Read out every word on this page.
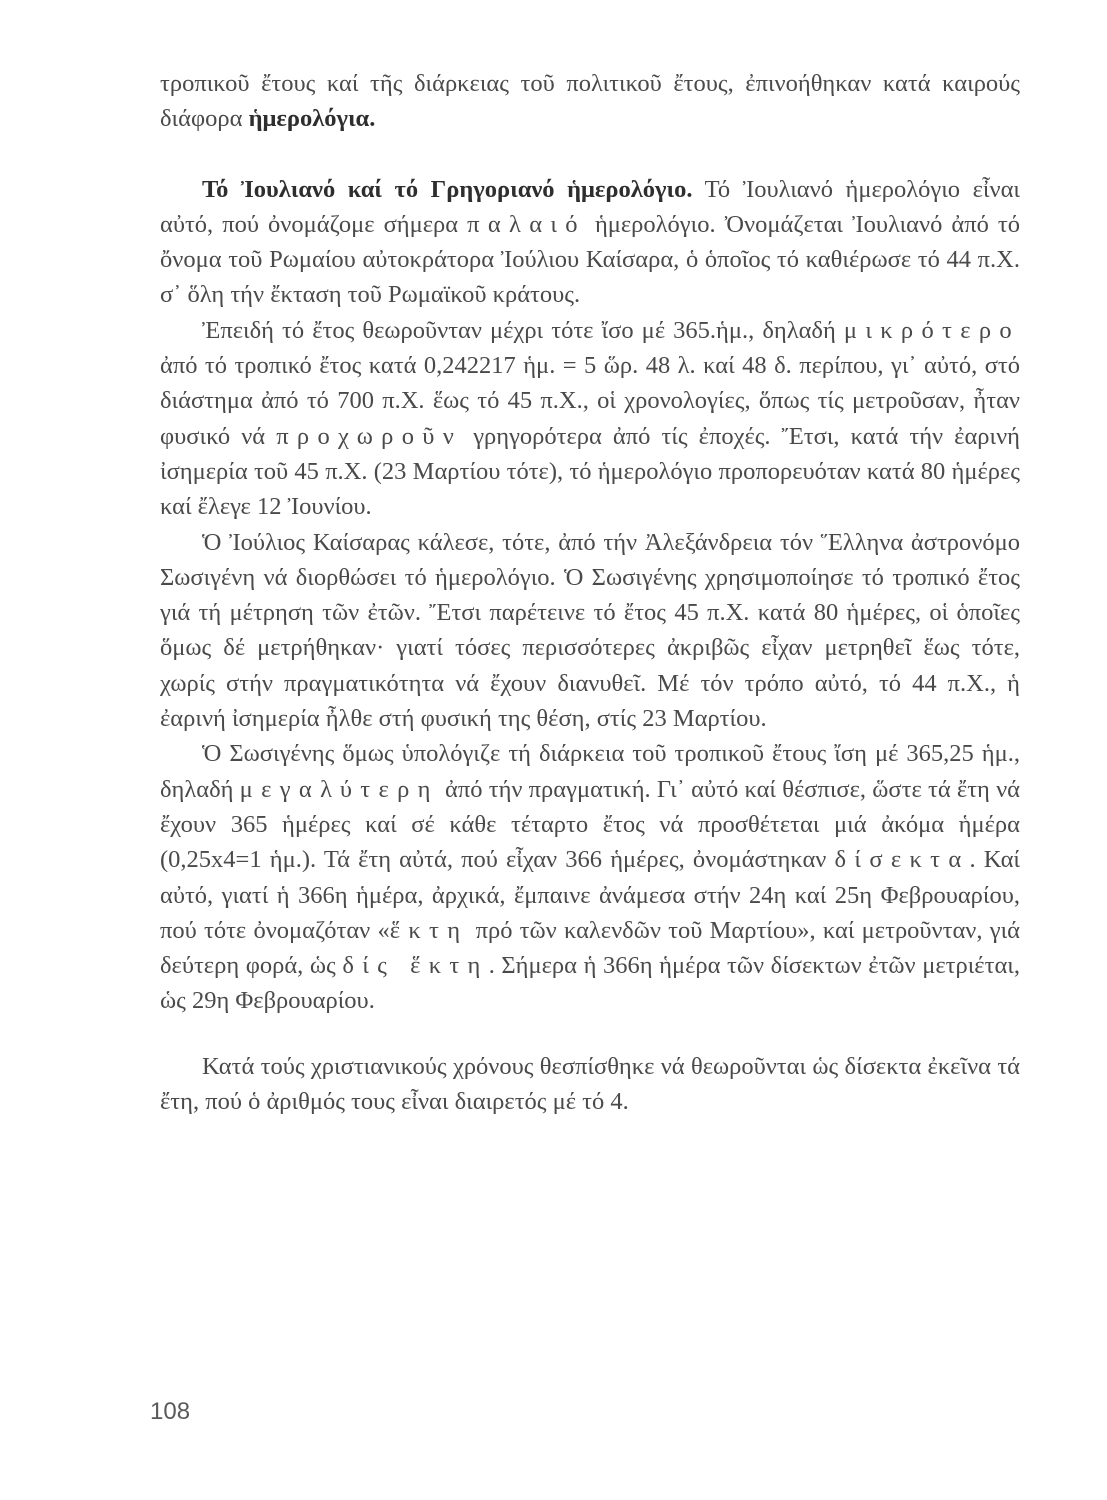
τροπικοῦ ἔτους καί τῆς διάρκειας τοῦ πολιτικοῦ ἔτους, ἐπινοήθηκαν κατά καιρούς διάφορα ἡμερολόγια.

Τό Ἰουλιανό καί τό Γρηγοριανό ἡμερολόγιο. Τό Ἰουλιανό ἡμερολόγιο εἶναι αὐτό, πού ὀνομάζομε σήμερα παλαιό ἡμερολόγιο. Ὀνομάζεται Ἰουλιανό ἀπό τό ὄνομα τοῦ Ρωμαίου αὐτοκράτορα Ἰούλιου Καίσαρα, ὁ ὁποῖος τό καθιέρωσε τό 44 π.Χ. σ᾿ ὅλη τήν ἔκταση τοῦ Ρωμαϊκοῦ κράτους.

Ἐπειδή τό ἔτος θεωροῦνταν μέχρι τότε ἴσο μέ 365.ἡμ., δηλαδή μικρότερο ἀπό τό τροπικό ἔτος κατά 0,242217 ἡμ. = 5 ὥρ. 48 λ. καί 48 δ. περίπου, γι᾿ αὐτό, στό διάστημα ἀπό τό 700 π.Χ. ἕως τό 45 π.Χ., οἱ χρονολογίες, ὅπως τίς μετροῦσαν, ἦταν φυσικό νά προχωροῦν γρηγορότερα ἀπό τίς ἐποχές. Ἔτσι, κατά τήν ἐαρινή ἰσημερία τοῦ 45 π.Χ. (23 Μαρτίου τότε), τό ἡμερολόγιο προπορευόταν κατά 80 ἡμέρες καί ἔλεγε 12 Ἰουνίου.

Ὁ Ἰούλιος Καίσαρας κάλεσε, τότε, ἀπό τήν Ἀλεξάνδρεια τόν Ἕλληνα ἀστρονόμο Σωσιγένη νά διορθώσει τό ἡμερολόγιο. Ὁ Σωσιγένης χρησιμοποίησε τό τροπικό ἔτος γιά τή μέτρηση τῶν ἐτῶν. Ἔτσι παρέτεινε τό ἔτος 45 π.Χ. κατά 80 ἡμέρες, οἱ ὁποῖες ὅμως δέ μετρήθηκαν· γιατί τόσες περισσότερες ἀκριβῶς εἶχαν μετρηθεῖ ἕως τότε, χωρίς στήν πραγματικότητα νά ἔχουν διανυθεῖ. Μέ τόν τρόπο αὐτό, τό 44 π.Χ., ἡ ἐαρινή ἰσημερία ἦλθε στή φυσική της θέση, στίς 23 Μαρτίου.

Ὁ Σωσιγένης ὅμως ὑπολόγιζε τή διάρκεια τοῦ τροπικοῦ ἔτους ἴση μέ 365,25 ἡμ., δηλαδή μεγαλύτερη ἀπό τήν πραγματική. Γι᾿ αὐτό καί θέσπισε, ὥστε τά ἔτη νά ἔχουν 365 ἡμέρες καί σέ κάθε τέταρτο ἔτος νά προσθέτεται μιά ἀκόμα ἡμέρα (0,25x4=1 ἡμ.). Τά ἔτη αὐτά, πού εἶχαν 366 ἡμέρες, ὀνομάστηκαν δίσεκτα. Καί αὐτό, γιατί ἡ 366η ἡμέρα, ἀρχικά, ἔμπαινε ἀνάμεσα στήν 24η καί 25η Φεβρουαρίου, πού τότε ὀνομαζόταν «ἕκτη πρό τῶν καλενδῶν τοῦ Μαρτίου», καί μετροῦνταν, γιά δεύτερη φορά, ὡς δίς ἕκτη. Σήμερα ἡ 366η ἡμέρα τῶν δίσεκτων ἐτῶν μετριέται, ὡς 29η Φεβρουαρίου.

Κατά τούς χριστιανικούς χρόνους θεσπίσθηκε νά θεωροῦνται ὡς δίσεκτα ἐκεῖνα τά ἔτη, πού ὁ ἀριθμός τους εἶναι διαιρετός μέ τό 4.

108
